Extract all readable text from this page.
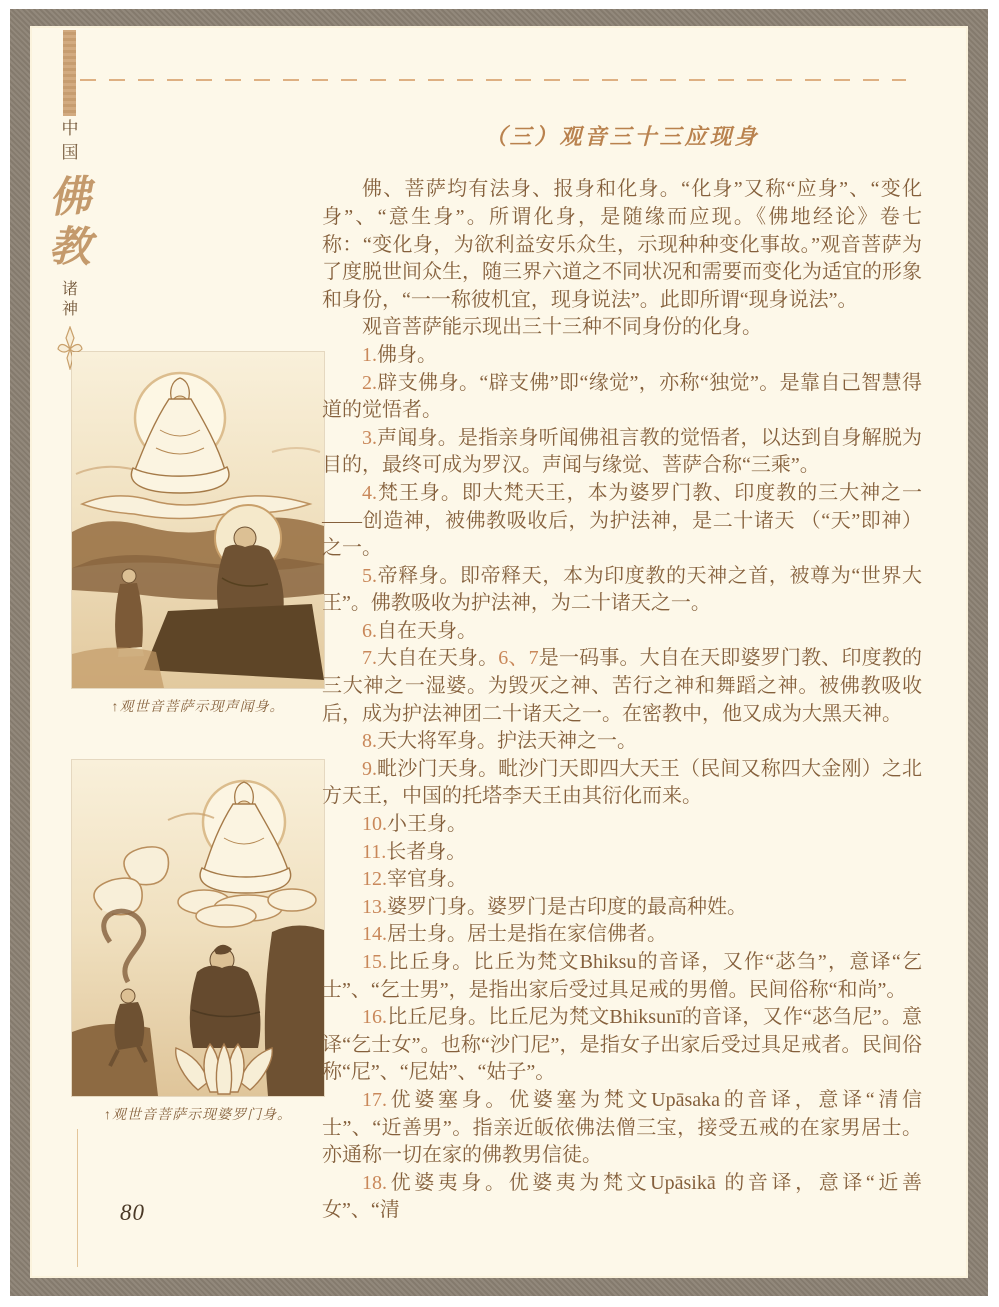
中
国
佛
教
诸
神
↑观世音菩萨示现声闻身。
↑观世音菩萨示现婆罗门身。
（三）观音三十三应现身

佛、菩萨均有法身、报身和化身。“化身”又称“应身”、“变化身”、“意生身”。所谓化身，是随缘而应现。《佛地经论》卷七称：“变化身，为欲利益安乐众生，示现种种变化事故。”观音菩萨为了度脱世间众生，随三界六道之不同状况和需要而变化为适宜的形象和身份，“一一称彼机宜，现身说法”。此即所谓“现身说法”。

观音菩萨能示现出三十三种不同身份的化身。

1.佛身。

2.辟支佛身。“辟支佛”即“缘觉”，亦称“独觉”。是靠自己智慧得道的觉悟者。

3.声闻身。是指亲身听闻佛祖言教的觉悟者，以达到自身解脱为目的，最终可成为罗汉。声闻与缘觉、菩萨合称“三乘”。

4.梵王身。即大梵天王，本为婆罗门教、印度教的三大神之一——创造神，被佛教吸收后，为护法神，是二十诸天 （“天”即神）之一。

5.帝释身。即帝释天，本为印度教的天神之首，被尊为“世界大王”。佛教吸收为护法神，为二十诸天之一。

6.自在天身。

7.大自在天身。6、7是一码事。大自在天即婆罗门教、印度教的三大神之一湿婆。为毁灭之神、苦行之神和舞蹈之神。被佛教吸收后，成为护法神团二十诸天之一。在密教中，他又成为大黑天神。

8.天大将军身。护法天神之一。

9.毗沙门天身。毗沙门天即四大天王（民间又称四大金刚）之北方天王，中国的托塔李天王由其衍化而来。

10.小王身。

11.长者身。

12.宰官身。

13.婆罗门身。婆罗门是古印度的最高种姓。

14.居士身。居士是指在家信佛者。

15.比丘身。比丘为梵文Bhiksu的音译，又作“苾刍”，意译“乞士”、“乞士男”，是指出家后受过具足戒的男僧。民间俗称“和尚”。

16.比丘尼身。比丘尼为梵文Bhiksunī的音译，又作“苾刍尼”。意译“乞士女”。也称“沙门尼”，是指女子出家后受过具足戒者。民间俗称“尼”、“尼姑”、“姑子”。

17.优婆塞身。优婆塞为梵文Upāsaka的音译，意译“清信士”、“近善男”。指亲近皈依佛法僧三宝，接受五戒的在家男居士。亦通称一切在家的佛教男信徒。

18.优婆夷身。优婆夷为梵文Upāsikā 的音译，意译“近善女”、“清

80
